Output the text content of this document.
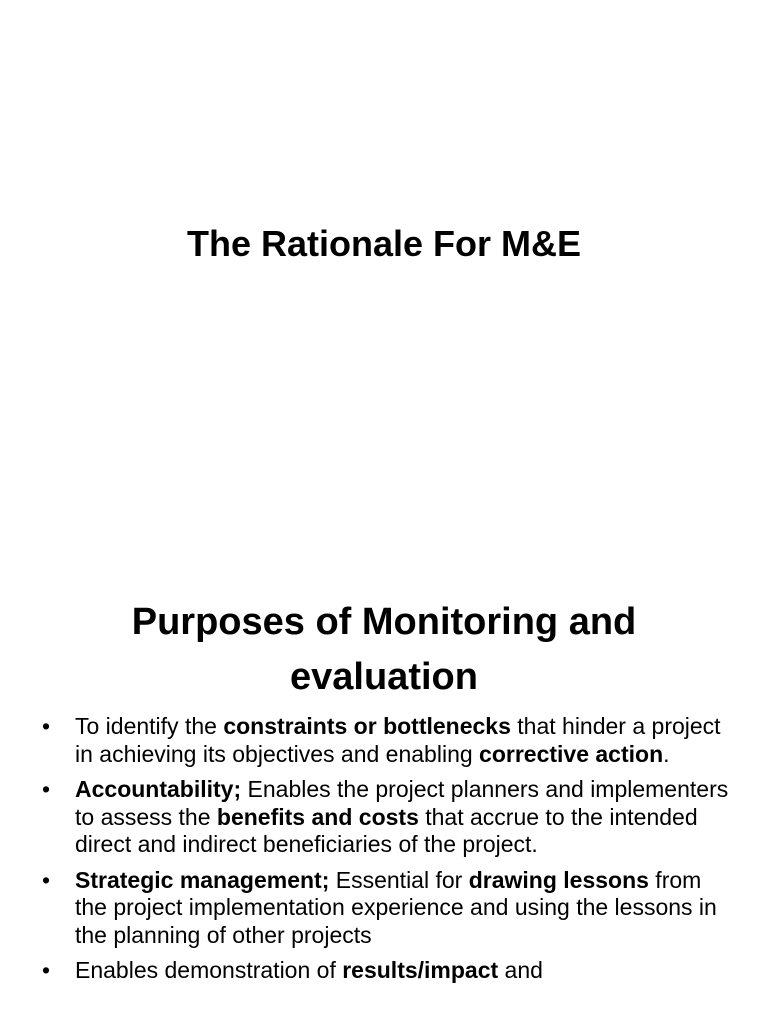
The Rationale For M&E
Purposes of Monitoring and evaluation
• To identify the constraints or bottlenecks that hinder a project in achieving its objectives and enabling corrective action.
• Accountability; Enables the project planners and implementers to assess the benefits and costs that accrue to the intended direct and indirect beneficiaries of the project.
• Strategic management; Essential for drawing lessons from the project implementation experience and using the lessons in the planning of other projects
• Enables demonstration of results/impact and
